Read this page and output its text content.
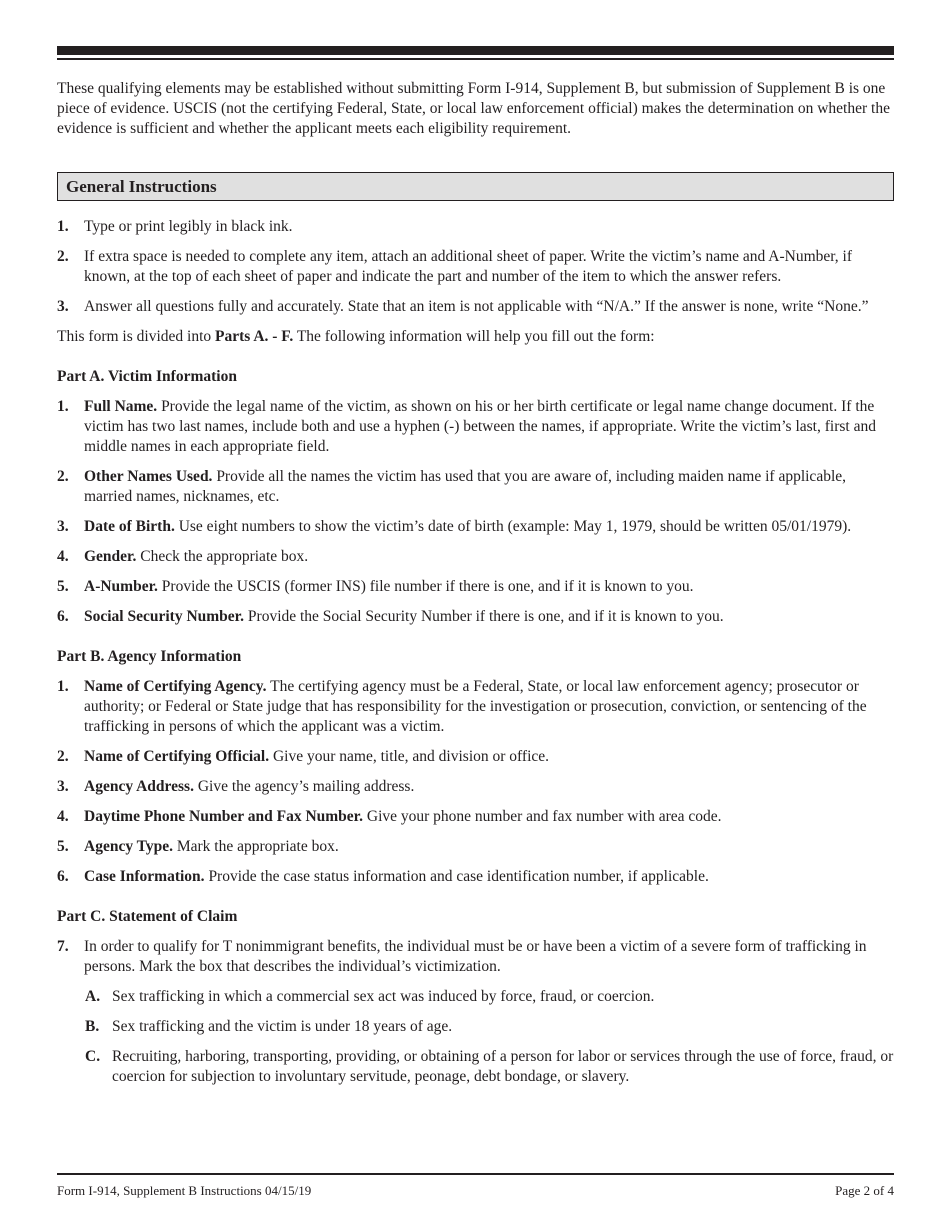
These qualifying elements may be established without submitting Form I-914, Supplement B, but submission of Supplement B is one piece of evidence. USCIS (not the certifying Federal, State, or local law enforcement official) makes the determination on whether the evidence is sufficient and whether the applicant meets each eligibility requirement.

General Instructions
1. Type or print legibly in black ink.
2. If extra space is needed to complete any item, attach an additional sheet of paper. Write the victim’s name and A-Number, if known, at the top of each sheet of paper and indicate the part and number of the item to which the answer refers.
3. Answer all questions fully and accurately. State that an item is not applicable with “N/A.” If the answer is none, write “None.”

This form is divided into Parts A. - F. The following information will help you fill out the form:

Part A. Victim Information
1. Full Name. Provide the legal name of the victim, as shown on his or her birth certificate or legal name change document. If the victim has two last names, include both and use a hyphen (-) between the names, if appropriate. Write the victim’s last, first and middle names in each appropriate field.
2. Other Names Used. Provide all the names the victim has used that you are aware of, including maiden name if applicable, married names, nicknames, etc.
3. Date of Birth. Use eight numbers to show the victim’s date of birth (example: May 1, 1979, should be written 05/01/1979).
4. Gender. Check the appropriate box.
5. A-Number. Provide the USCIS (former INS) file number if there is one, and if it is known to you.
6. Social Security Number. Provide the Social Security Number if there is one, and if it is known to you.
Part B. Agency Information
1. Name of Certifying Agency. The certifying agency must be a Federal, State, or local law enforcement agency; prosecutor or authority; or Federal or State judge that has responsibility for the investigation or prosecution, conviction, or sentencing of the trafficking in persons of which the applicant was a victim.
2. Name of Certifying Official. Give your name, title, and division or office.
3. Agency Address. Give the agency’s mailing address.
4. Daytime Phone Number and Fax Number. Give your phone number and fax number with area code.
5. Agency Type. Mark the appropriate box.
6. Case Information. Provide the case status information and case identification number, if applicable.
Part C. Statement of Claim
7. In order to qualify for T nonimmigrant benefits, the individual must be or have been a victim of a severe form of trafficking in persons. Mark the box that describes the individual’s victimization.
A. Sex trafficking in which a commercial sex act was induced by force, fraud, or coercion.
B. Sex trafficking and the victim is under 18 years of age.
C. Recruiting, harboring, transporting, providing, or obtaining of a person for labor or services through the use of force, fraud, or coercion for subjection to involuntary servitude, peonage, debt bondage, or slavery.
Form I-914, Supplement B Instructions 04/15/19	Page 2 of 4
